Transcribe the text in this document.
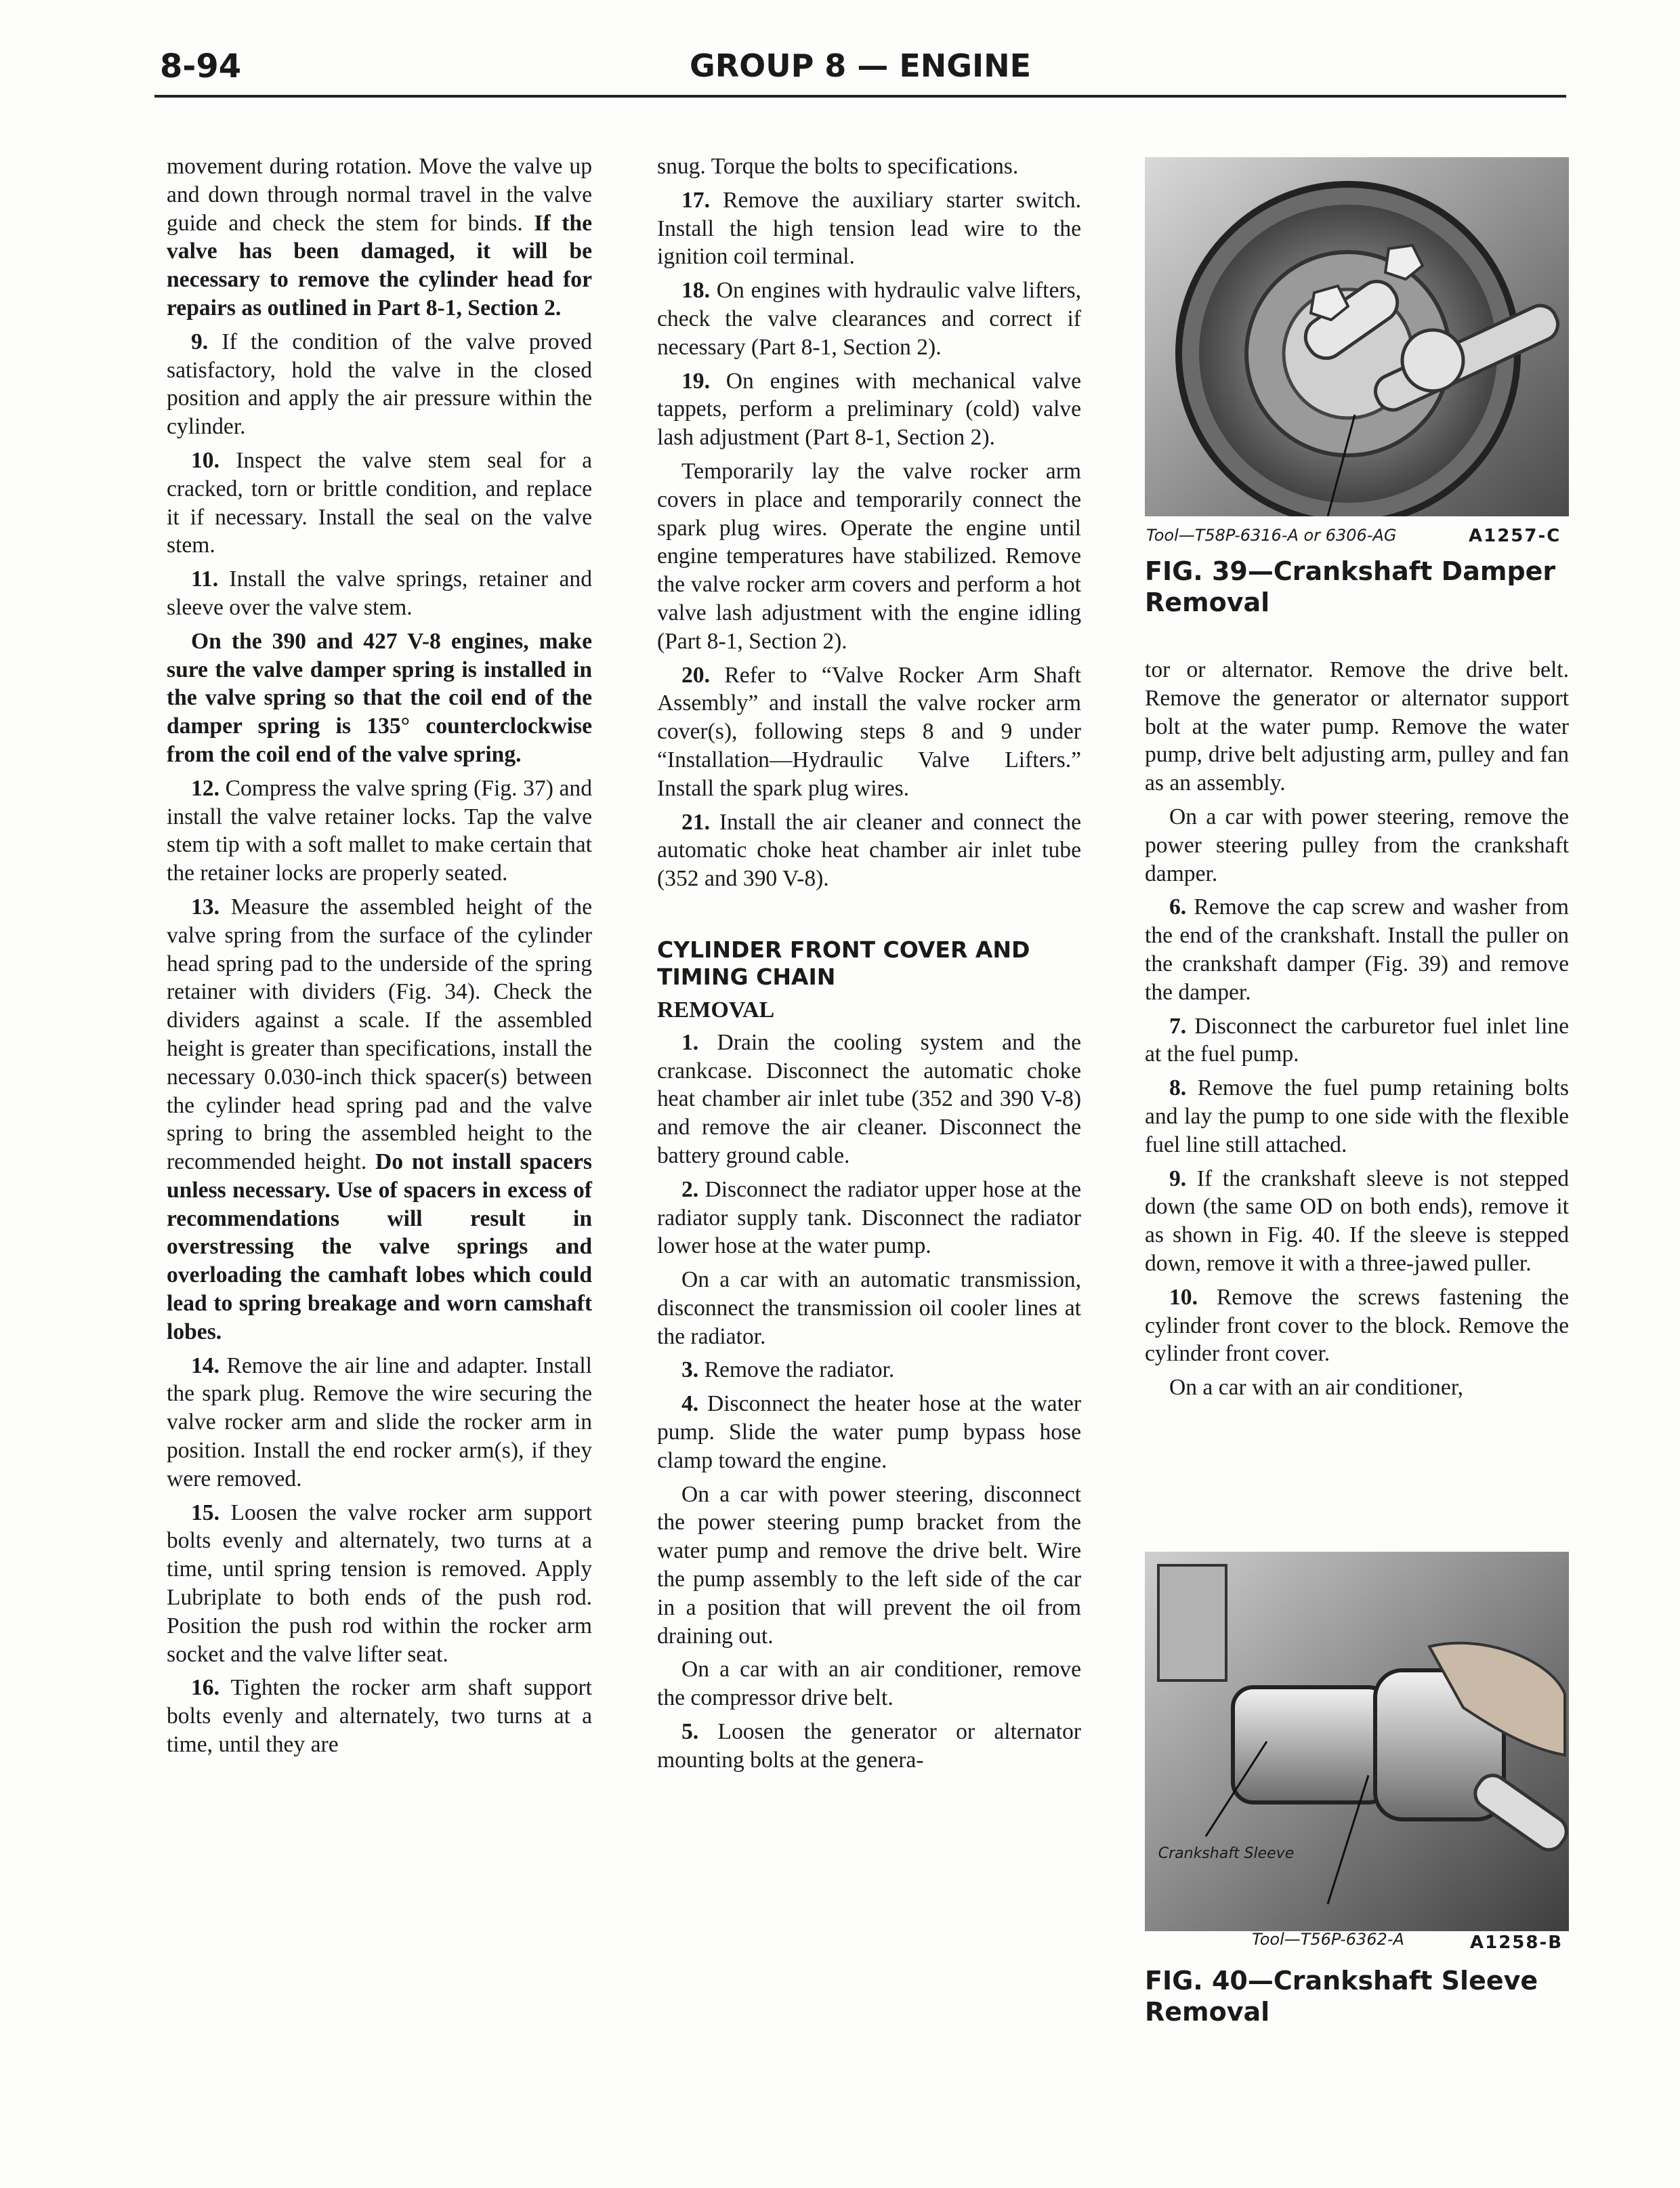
8-94	GROUP 8 — ENGINE

movement during rotation. Move the valve up and down through normal travel in the valve guide and check the stem for binds. If the valve has been damaged, it will be necessary to remove the cylinder head for repairs as outlined in Part 8-1, Section 2.

9. If the condition of the valve proved satisfactory, hold the valve in the closed position and apply the air pressure within the cylinder.

10. Inspect the valve stem seal for a cracked, torn or brittle condition, and replace it if necessary. Install the seal on the valve stem.

11. Install the valve springs, retainer and sleeve over the valve stem.

On the 390 and 427 V-8 engines, make sure the valve damper spring is installed in the valve spring so that the coil end of the damper spring is 135° counterclockwise from the coil end of the valve spring.

12. Compress the valve spring (Fig. 37) and install the valve retainer locks. Tap the valve stem tip with a soft mallet to make certain that the retainer locks are properly seated.

13. Measure the assembled height of the valve spring from the surface of the cylinder head spring pad to the underside of the spring retainer with dividers (Fig. 34). Check the dividers against a scale. If the assembled height is greater than specifications, install the necessary 0.030-inch thick spacer(s) between the cylinder head spring pad and the valve spring to bring the assembled height to the recommended height. Do not install spacers unless necessary. Use of spacers in excess of recommendations will result in overstressing the valve springs and overloading the camhaft lobes which could lead to spring breakage and worn camshaft lobes.

14. Remove the air line and adapter. Install the spark plug. Remove the wire securing the valve rocker arm and slide the rocker arm in position. Install the end rocker arm(s), if they were removed.

15. Loosen the valve rocker arm support bolts evenly and alternately, two turns at a time, until spring tension is removed. Apply Lubriplate to both ends of the push rod. Position the push rod within the rocker arm socket and the valve lifter seat.

16. Tighten the rocker arm shaft support bolts evenly and alternately, two turns at a time, until they are

snug. Torque the bolts to specifications.

17. Remove the auxiliary starter switch. Install the high tension lead wire to the ignition coil terminal.

18. On engines with hydraulic valve lifters, check the valve clearances and correct if necessary (Part 8-1, Section 2).

19. On engines with mechanical valve tappets, perform a preliminary (cold) valve lash adjustment (Part 8-1, Section 2).

Temporarily lay the valve rocker arm covers in place and temporarily connect the spark plug wires. Operate the engine until engine temperatures have stabilized. Remove the valve rocker arm covers and perform a hot valve lash adjustment with the engine idling (Part 8-1, Section 2).

20. Refer to “Valve Rocker Arm Shaft Assembly” and install the valve rocker arm cover(s), following steps 8 and 9 under “Installation—Hydraulic Valve Lifters.” Install the spark plug wires.

21. Install the air cleaner and connect the automatic choke heat chamber air inlet tube (352 and 390 V-8).

CYLINDER FRONT COVER AND TIMING CHAIN
REMOVAL

1. Drain the cooling system and the crankcase. Disconnect the automatic choke heat chamber air inlet tube (352 and 390 V-8) and remove the air cleaner. Disconnect the battery ground cable.

2. Disconnect the radiator upper hose at the radiator supply tank. Disconnect the radiator lower hose at the water pump.

On a car with an automatic transmission, disconnect the transmission oil cooler lines at the radiator.

3. Remove the radiator.

4. Disconnect the heater hose at the water pump. Slide the water pump bypass hose clamp toward the engine.

On a car with power steering, disconnect the power steering pump bracket from the water pump and remove the drive belt. Wire the pump assembly to the left side of the car in a position that will prevent the oil from draining out.

On a car with an air conditioner, remove the compressor drive belt.

5. Loosen the generator or alternator mounting bolts at the genera-

Tool—T58P-6316-A or 6306-AG	A1257-C
FIG. 39—Crankshaft Damper Removal

tor or alternator. Remove the drive belt. Remove the generator or alternator support bolt at the water pump. Remove the water pump, drive belt adjusting arm, pulley and fan as an assembly.

On a car with power steering, remove the power steering pulley from the crankshaft damper.

6. Remove the cap screw and washer from the end of the crankshaft. Install the puller on the crankshaft damper (Fig. 39) and remove the damper.

7. Disconnect the carburetor fuel inlet line at the fuel pump.

8. Remove the fuel pump retaining bolts and lay the pump to one side with the flexible fuel line still attached.

9. If the crankshaft sleeve is not stepped down (the same OD on both ends), remove it as shown in Fig. 40. If the sleeve is stepped down, remove it with a three-jawed puller.

10. Remove the screws fastening the cylinder front cover to the block. Remove the cylinder front cover.

On a car with an air conditioner,

Crankshaft Sleeve
Tool—T56P-6362-A	A1258-B
FIG. 40—Crankshaft Sleeve Removal
